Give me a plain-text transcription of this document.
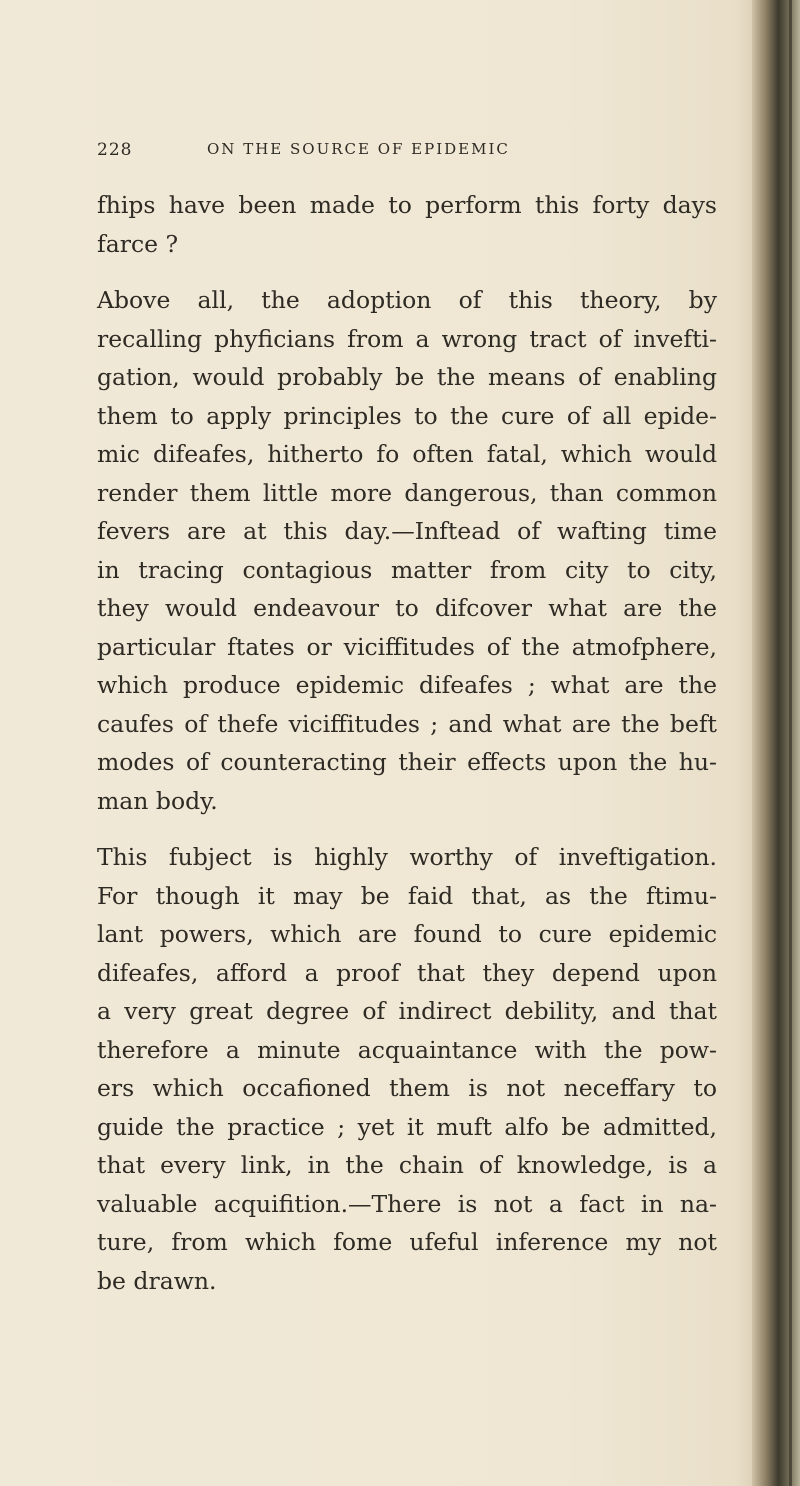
228	ON THE SOURCE OF EPIDEMIC
fhips have been made to perform this forty days
farce ?
Above all, the adoption of this theory, by
recalling phyficians from a wrong tract of invefti-
gation, would probably be the means of enabling
them to apply principles to the cure of all epide-
mic difeafes, hitherto fo often fatal, which would
render them little more dangerous, than common
fevers are at this day.—Inftead of wafting time
in tracing contagious matter from city to city,
they would endeavour to difcover what are the
particular ftates or viciffitudes of the atmofphere,
which produce epidemic difeafes ; what are the
caufes of thefe viciffitudes ; and what are the beft
modes of counteracting their effects upon the hu-
man body.
This fubject is highly worthy of inveftigation.
For though it may be faid that, as the ftimu-
lant powers, which are found to cure epidemic
difeafes, afford a proof that they depend upon
a very great degree of indirect debility, and that
therefore a minute acquaintance with the pow-
ers which occafioned them is not neceffary to
guide the practice ; yet it muft alfo be admitted,
that every link, in the chain of knowledge, is a
valuable acquifition.—There is not a fact in na-
ture, from which fome ufeful inference my not
be drawn.
